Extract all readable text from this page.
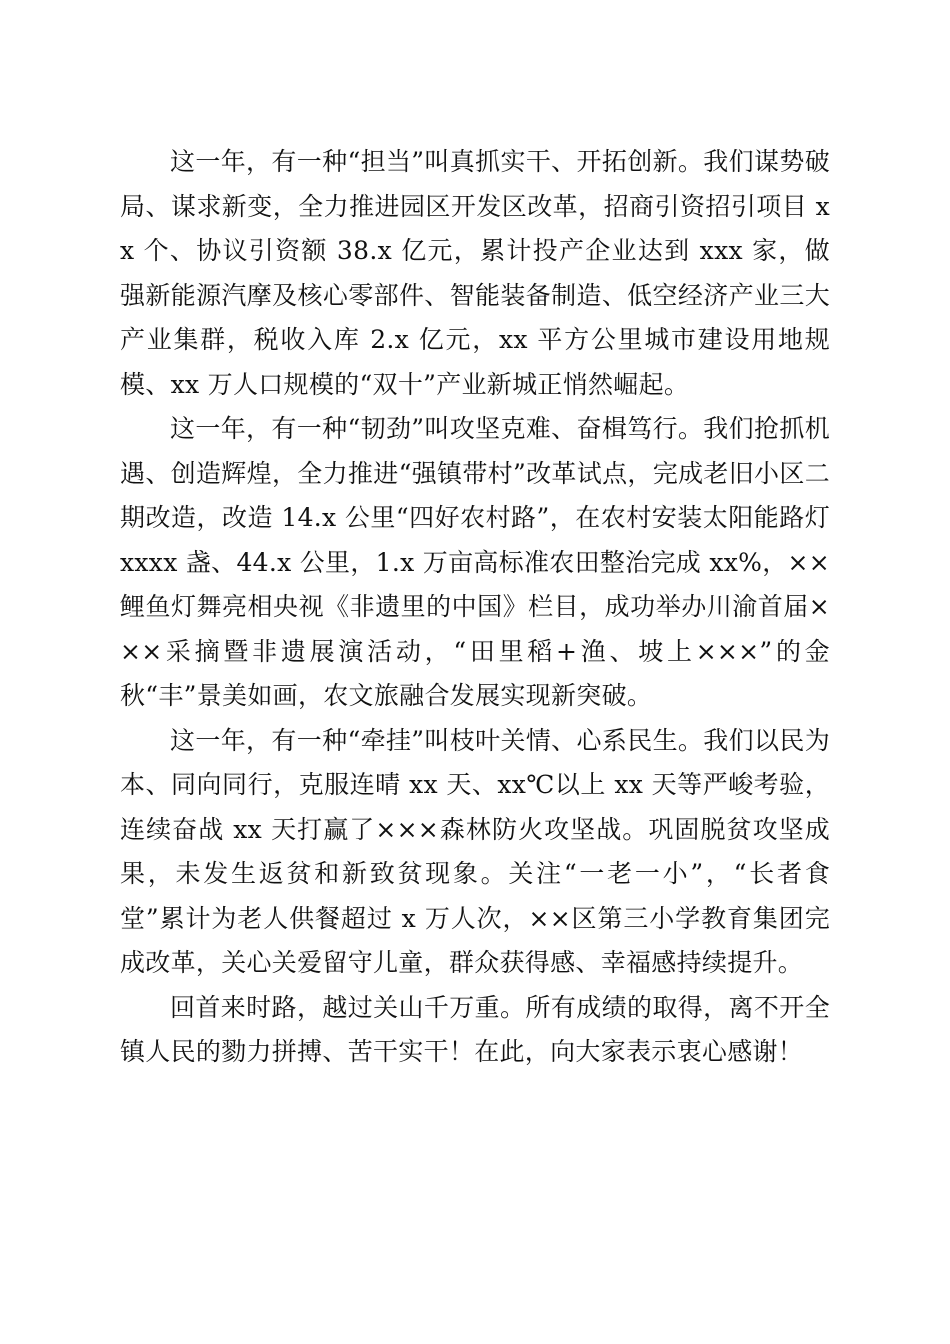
这一年，有一种“担当”叫真抓实干、开拓创新。我们谋势破局、谋求新变，全力推进园区开发区改革，招商引资招引项目 xx 个、协议引资额 38.x 亿元，累计投产企业达到 xxx 家，做强新能源汽摩及核心零部件、智能装备制造、低空经济产业三大产业集群，税收入库 2.x 亿元，xx 平方公里城市建设用地规模、xx 万人口规模的“双十”产业新城正悄然崛起。

这一年，有一种“韧劲”叫攻坚克难、奋楫笃行。我们抢抓机遇、创造辉煌，全力推进“强镇带村”改革试点，完成老旧小区二期改造，改造 14.x 公里“四好农村路”，在农村安装太阳能路灯 xxxx 盏、44.x 公里，1.x 万亩高标准农田整治完成 xx%，××鲤鱼灯舞亮相央视《非遗里的中国》栏目，成功举办川渝首届×××采摘暨非遗展演活动，“田里稻+渔、坡上×××”的金秋“丰”景美如画，农文旅融合发展实现新突破。

这一年，有一种“牵挂”叫枝叶关情、心系民生。我们以民为本、同向同行，克服连晴 xx 天、xx℃以上 xx 天等严峻考验，连续奋战 xx 天打赢了×××森林防火攻坚战。巩固脱贫攻坚成果，未发生返贫和新致贫现象。关注“一老一小”，“长者食堂”累计为老人供餐超过 x 万人次，××区第三小学教育集团完成改革，关心关爱留守儿童，群众获得感、幸福感持续提升。

回首来时路，越过关山千万重。所有成绩的取得，离不开全镇人民的勠力拼搏、苦干实干！在此，向大家表示衷心感谢！
